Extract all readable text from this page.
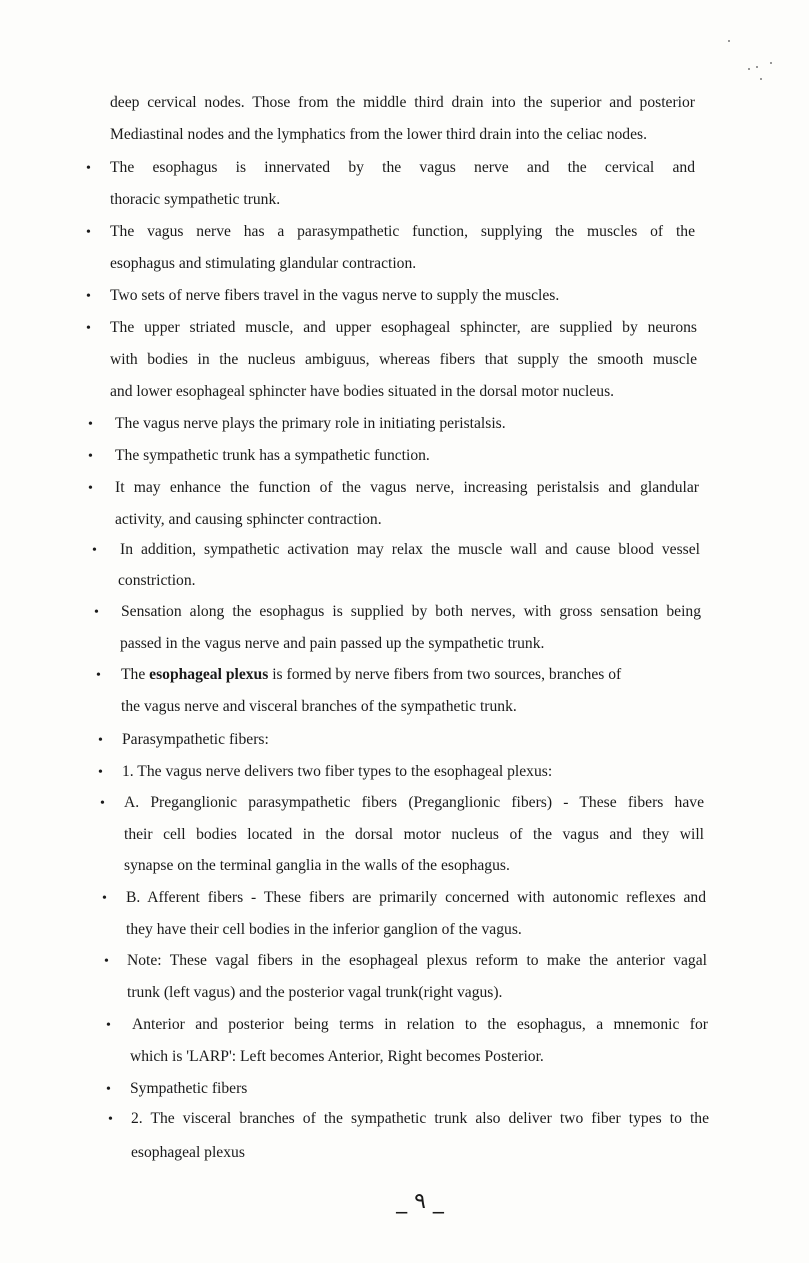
deep cervical nodes. Those from the middle third drain into the superior and posterior
Mediastinal nodes and the lymphatics from the lower third drain into the celiac nodes.
• The esophagus is innervated by the vagus nerve and the cervical and
thoracic sympathetic trunk.
• The vagus nerve has a parasympathetic function, supplying the muscles of the
esophagus and stimulating glandular contraction.
• Two sets of nerve fibers travel in the vagus nerve to supply the muscles.
• The upper striated muscle, and upper esophageal sphincter, are supplied by neurons
with bodies in the nucleus ambiguus, whereas fibers that supply the smooth muscle
and lower esophageal sphincter have bodies situated in the dorsal motor nucleus.
• The vagus nerve plays the primary role in initiating peristalsis.
• The sympathetic trunk has a sympathetic function.
• It may enhance the function of the vagus nerve, increasing peristalsis and glandular
activity, and causing sphincter contraction.
• In addition, sympathetic activation may relax the muscle wall and cause blood vessel
constriction.
• Sensation along the esophagus is supplied by both nerves, with gross sensation being
passed in the vagus nerve and pain passed up the sympathetic trunk.
• The esophageal plexus is formed by nerve fibers from two sources, branches of
the vagus nerve and visceral branches of the sympathetic trunk.
• Parasympathetic fibers:
• 1. The vagus nerve delivers two fiber types to the esophageal plexus:
• A. Preganglionic parasympathetic fibers (Preganglionic fibers) - These fibers have
their cell bodies located in the dorsal motor nucleus of the vagus and they will
synapse on the terminal ganglia in the walls of the esophagus.
• B. Afferent fibers - These fibers are primarily concerned with autonomic reflexes and
they have their cell bodies in the inferior ganglion of the vagus.
• Note: These vagal fibers in the esophageal plexus reform to make the anterior vagal
trunk (left vagus) and the posterior vagal trunk(right vagus).
• Anterior and posterior being terms in relation to the esophagus, a mnemonic for
which is 'LARP': Left becomes Anterior, Right becomes Posterior.
• Sympathetic fibers
• 2. The visceral branches of the sympathetic trunk also deliver two fiber types to the
esophageal plexus
_ ٩ _
